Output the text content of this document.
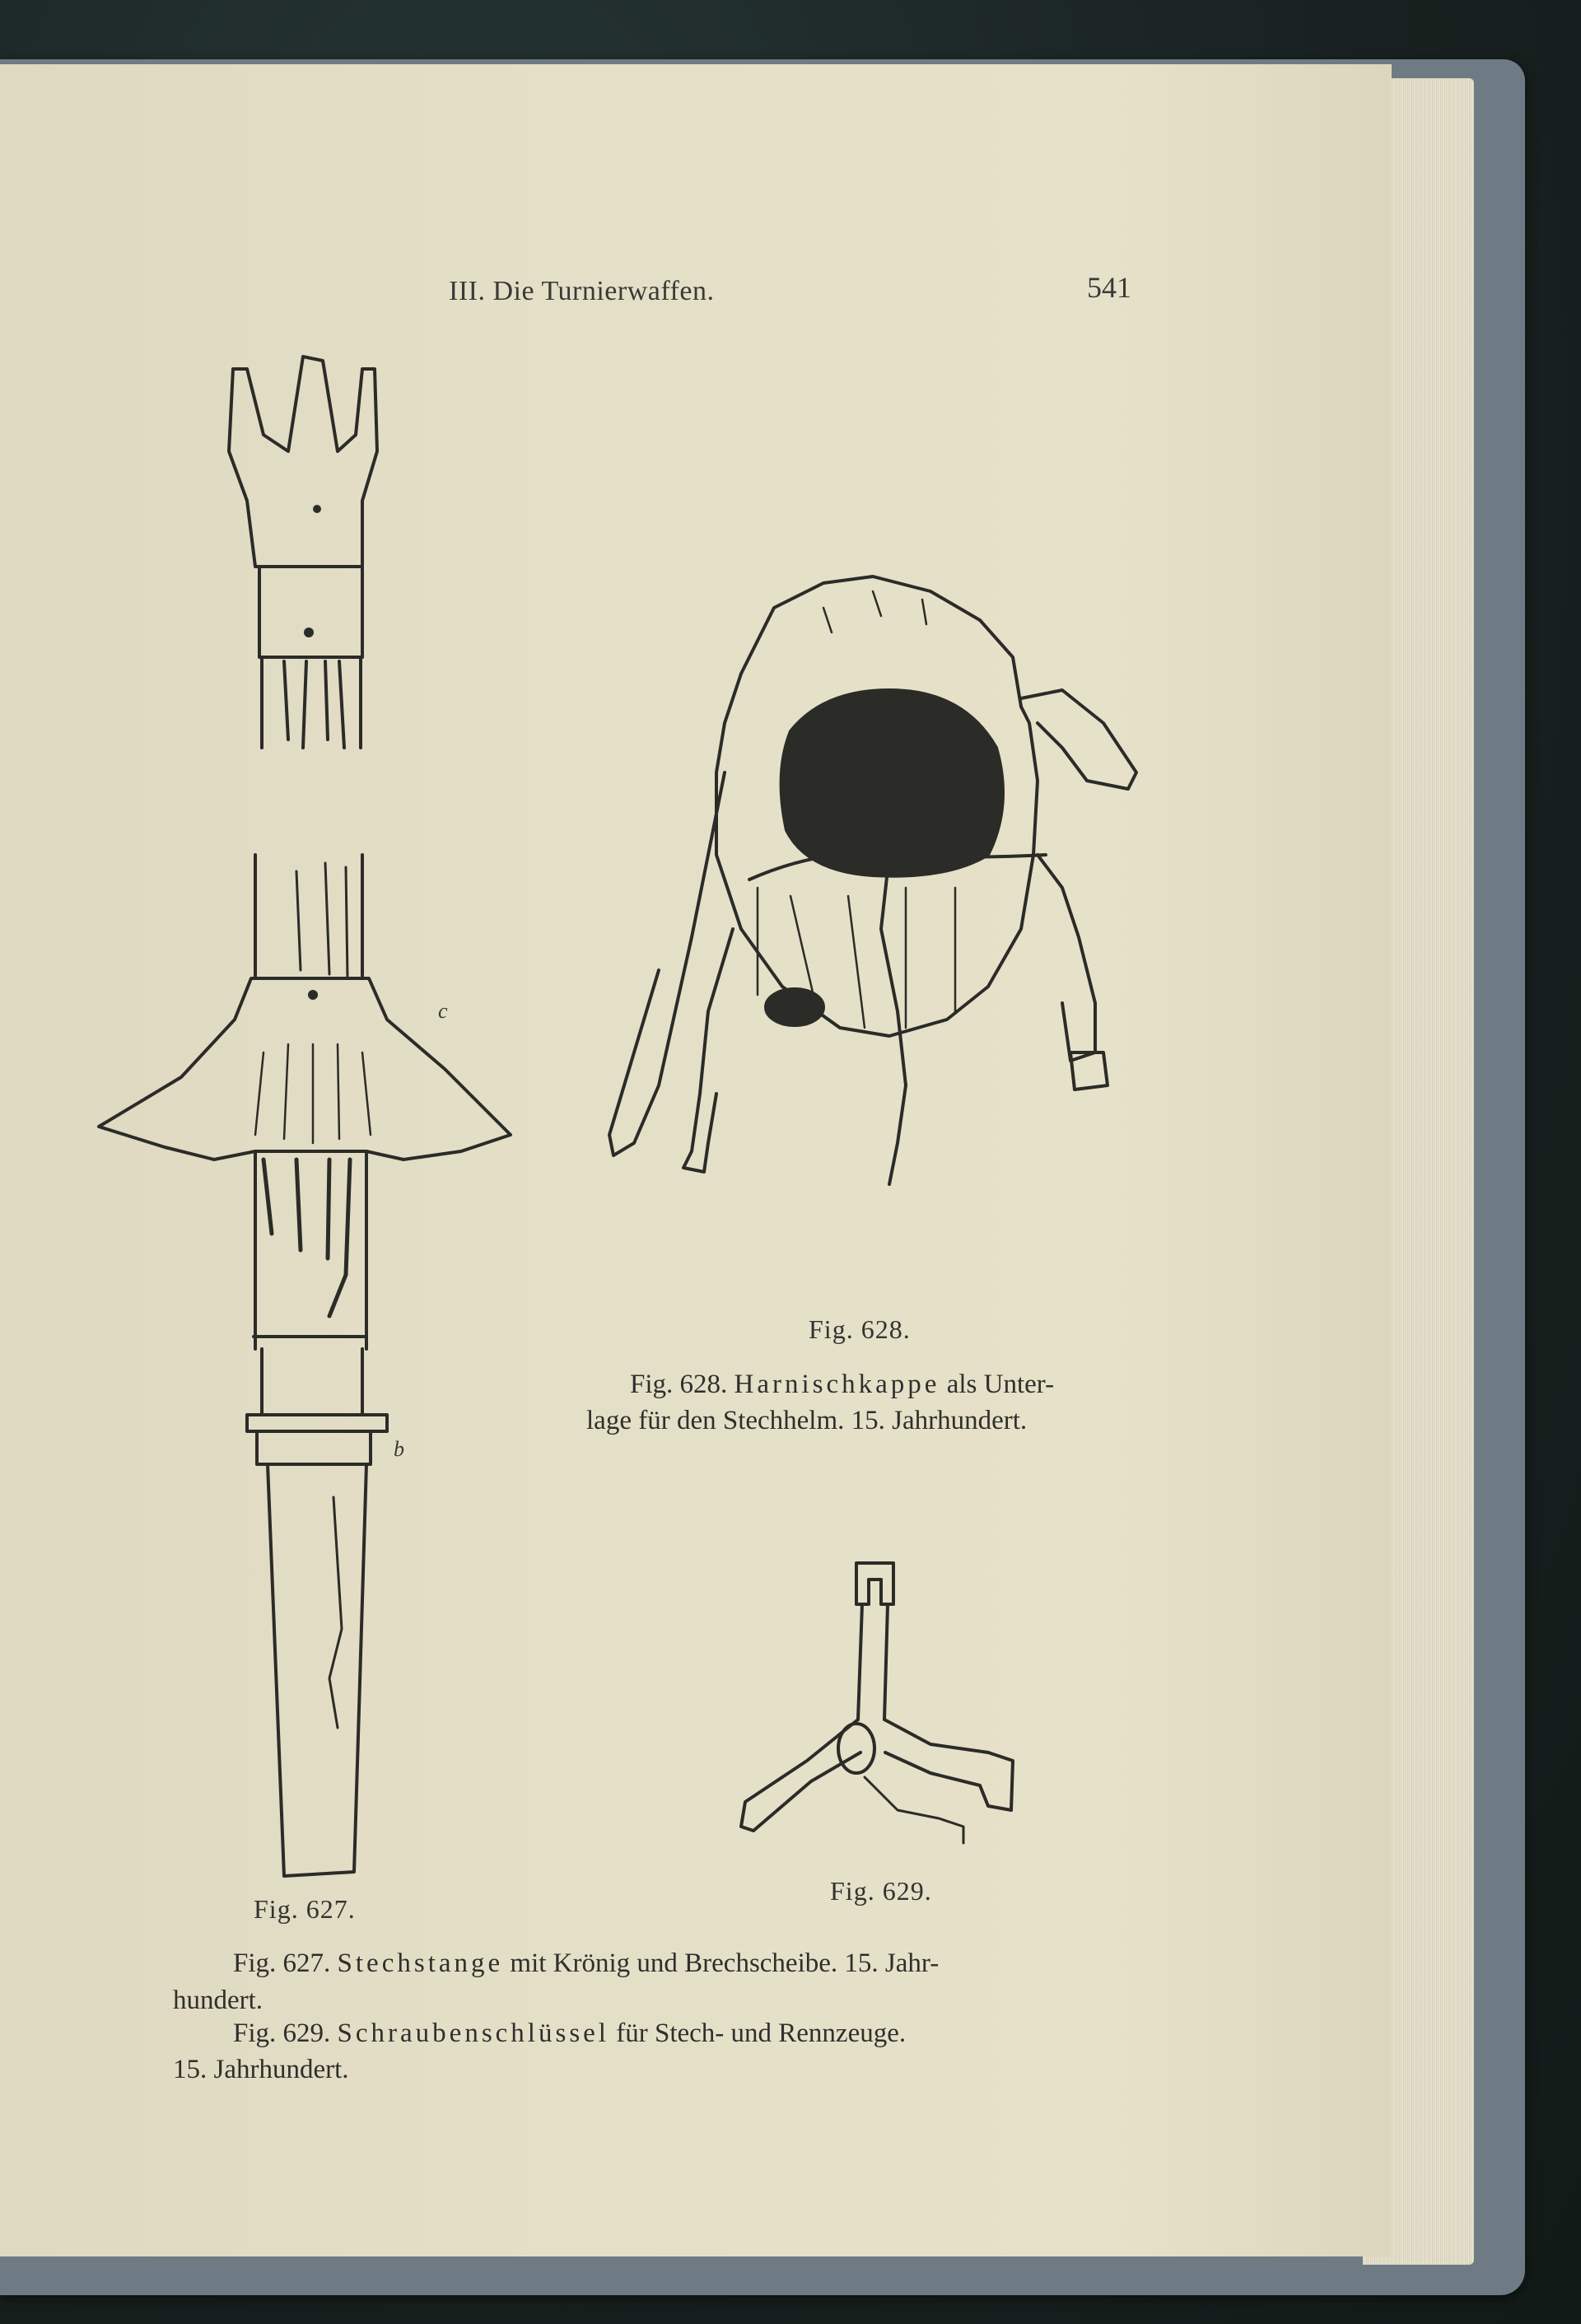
III. Die Turnierwaffen.	541
Fig. 627.
c
b
Fig. 628.
Fig. 629.
Fig. 628. Harnischkappe als Unter-
lage für den Stechhelm. 15. Jahrhundert.
Fig. 627. Stechstange mit Krönig und Brechscheibe. 15. Jahr-
hundert.
Fig. 629. Schraubenschlüssel für Stech- und Rennzeuge.
15. Jahrhundert.
